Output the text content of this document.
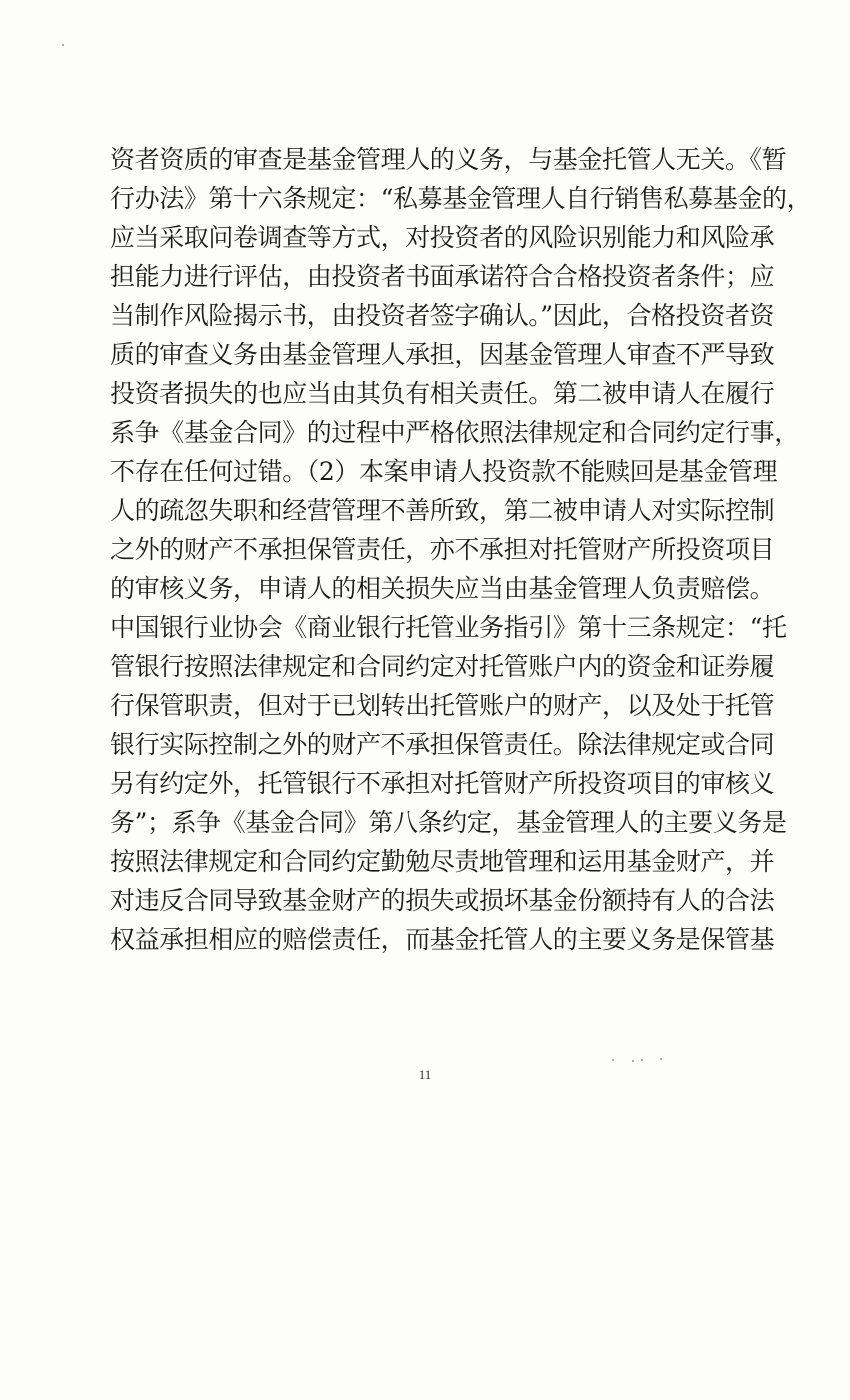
资者资质的审查是基金管理人的义务，与基金托管人无关。《暂
行办法》第十六条规定：“私募基金管理人自行销售私募基金的，
应当采取问卷调查等方式，对投资者的风险识别能力和风险承
担能力进行评估，由投资者书面承诺符合合格投资者条件；应
当制作风险揭示书，由投资者签字确认。”因此，合格投资者资
质的审查义务由基金管理人承担，因基金管理人审查不严导致
投资者损失的也应当由其负有相关责任。第二被申请人在履行
系争《基金合同》的过程中严格依照法律规定和合同约定行事，
不存在任何过错。（2）本案申请人投资款不能赎回是基金管理
人的疏忽失职和经营管理不善所致，第二被申请人对实际控制
之外的财产不承担保管责任，亦不承担对托管财产所投资项目
的审核义务，申请人的相关损失应当由基金管理人负责赔偿。
中国银行业协会《商业银行托管业务指引》第十三条规定：“托
管银行按照法律规定和合同约定对托管账户内的资金和证券履
行保管职责，但对于已划转出托管账户的财产，以及处于托管
银行实际控制之外的财产不承担保管责任。除法律规定或合同
另有约定外，托管银行不承担对托管财产所投资项目的审核义
务”；系争《基金合同》第八条约定，基金管理人的主要义务是
按照法律规定和合同约定勤勉尽责地管理和运用基金财产，并
对违反合同导致基金财产的损失或损坏基金份额持有人的合法
权益承担相应的赔偿责任，而基金托管人的主要义务是保管基
11
